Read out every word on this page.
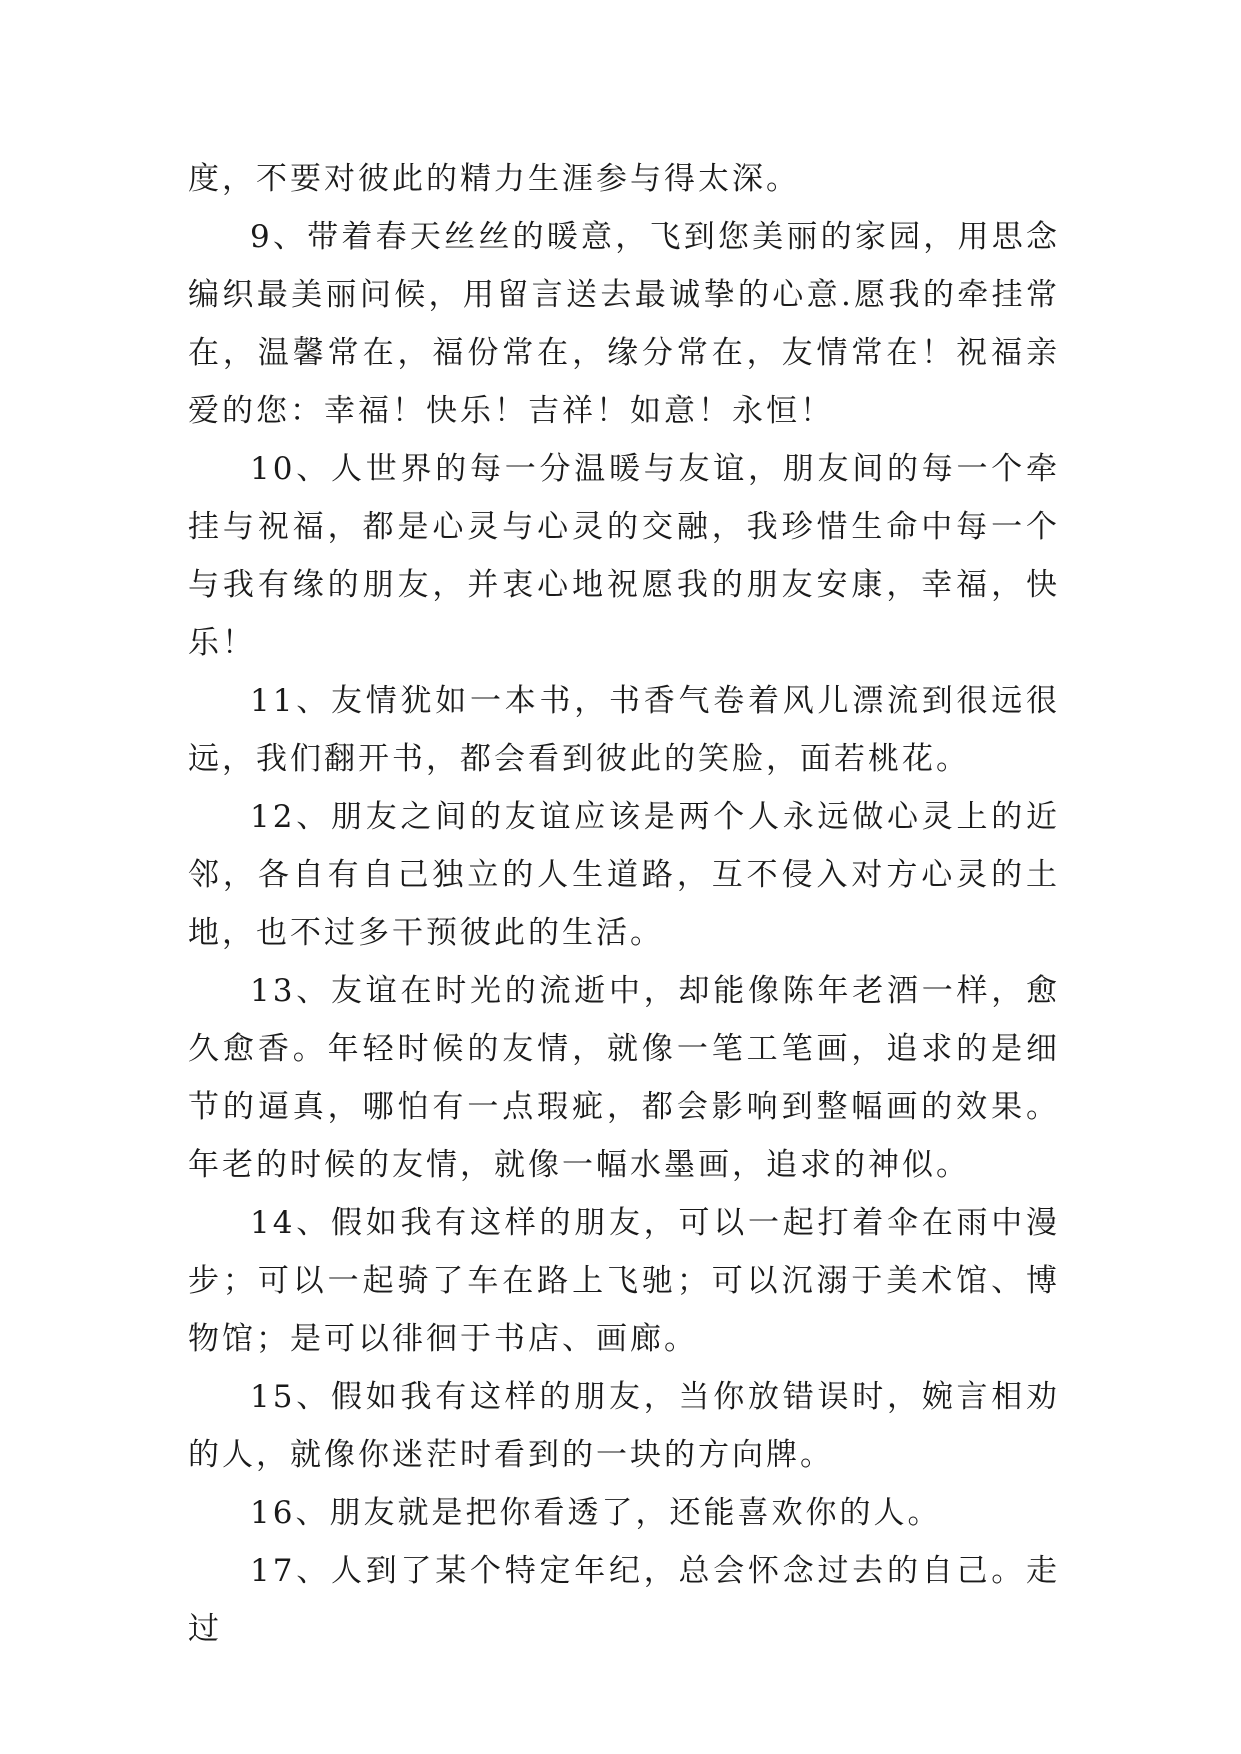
度，不要对彼此的精力生涯参与得太深。

9、带着春天丝丝的暖意，飞到您美丽的家园，用思念编织最美丽问候，用留言送去最诚挚的心意.愿我的牵挂常在，温馨常在，福份常在，缘分常在，友情常在！祝福亲爱的您：幸福！快乐！吉祥！如意！永恒！

10、人世界的每一分温暖与友谊，朋友间的每一个牵挂与祝福，都是心灵与心灵的交融，我珍惜生命中每一个与我有缘的朋友，并衷心地祝愿我的朋友安康，幸福，快乐！

11、友情犹如一本书，书香气卷着风儿漂流到很远很远，我们翻开书，都会看到彼此的笑脸，面若桃花。

12、朋友之间的友谊应该是两个人永远做心灵上的近邻，各自有自己独立的人生道路，互不侵入对方心灵的土地，也不过多干预彼此的生活。

13、友谊在时光的流逝中，却能像陈年老酒一样，愈久愈香。年轻时候的友情，就像一笔工笔画，追求的是细节的逼真，哪怕有一点瑕疵，都会影响到整幅画的效果。年老的时候的友情，就像一幅水墨画，追求的神似。

14、假如我有这样的朋友，可以一起打着伞在雨中漫步；可以一起骑了车在路上飞驰；可以沉溺于美术馆、博物馆；是可以徘徊于书店、画廊。

15、假如我有这样的朋友，当你放错误时，婉言相劝的人，就像你迷茫时看到的一块的方向牌。

16、朋友就是把你看透了，还能喜欢你的人。

17、人到了某个特定年纪，总会怀念过去的自己。走过
